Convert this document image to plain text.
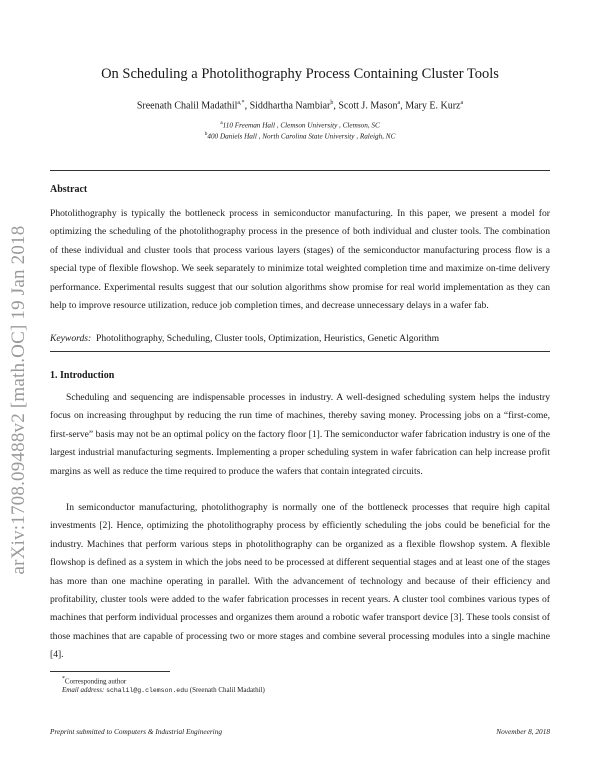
arXiv:1708.09488v2 [math.OC] 19 Jan 2018
On Scheduling a Photolithography Process Containing Cluster Tools
Sreenath Chalil Madathil$^{a,*}$, Siddhartha Nambiar$^b$, Scott J. Mason$^a$, Mary E. Kurz$^a$
$^a$110 Freeman Hall , Clemson University , Clemson, SC
$^b$400 Daniels Hall , North Carolina State University , Raleigh, NC
Abstract

Photolithography is typically the bottleneck process in semiconductor manufacturing. In this paper, we present a model for optimizing the scheduling of the photolithography process in the presence of both individual and cluster tools. The combination of these individual and cluster tools that process various layers (stages) of the semiconductor manufacturing process flow is a special type of flexible flowshop. We seek separately to minimize total weighted completion time and maximize on-time delivery performance. Experimental results suggest that our solution algorithms show promise for real world implementation as they can help to improve resource utilization, reduce job completion times, and decrease unnecessary delays in a wafer fab.

Keywords: Photolithography, Scheduling, Cluster tools, Optimization, Heuristics, Genetic Algorithm
1. Introduction

Scheduling and sequencing are indispensable processes in industry. A well-designed scheduling system helps the industry focus on increasing throughput by reducing the run time of machines, thereby saving money. Processing jobs on a “first-come, first-serve” basis may not be an optimal policy on the factory floor [1]. The semiconductor wafer fabrication industry is one of the largest industrial manufacturing segments. Implementing a proper scheduling system in wafer fabrication can help increase profit margins as well as reduce the time required to produce the wafers that contain integrated circuits.

In semiconductor manufacturing, photolithography is normally one of the bottleneck processes that require high capital investments [2]. Hence, optimizing the photolithography process by efficiently scheduling the jobs could be beneficial for the industry. Machines that perform various steps in photolithography can be organized as a flexible flowshop system. A flexible flowshop is defined as a system in which the jobs need to be processed at different sequential stages and at least one of the stages has more than one machine operating in parallel. With the advancement of technology and because of their efficiency and profitability, cluster tools were added to the wafer fabrication processes in recent years. A cluster tool combines various types of machines that perform individual processes and organizes them around a robotic wafer transport device [3]. These tools consist of those machines that are capable of processing two or more stages and combine several processing modules into a single machine [4].

*Corresponding author
Email address: schalil@g.clemson.edu (Sreenath Chalil Madathil)
Preprint submitted to Computers & Industrial Engineering	November 8, 2018
